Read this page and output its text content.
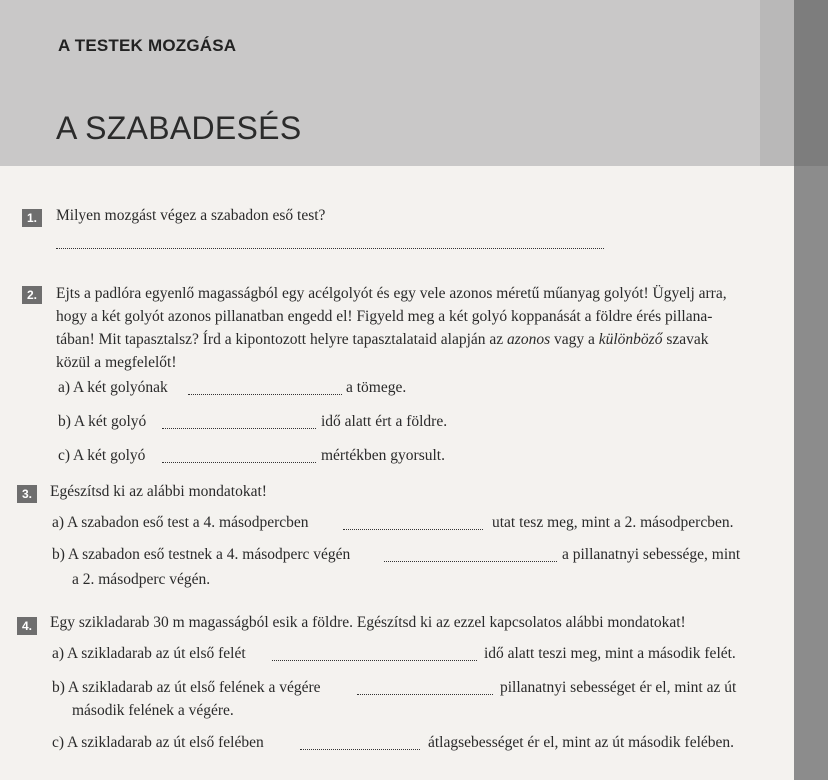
A TESTEK MOZGÁSA
A SZABADESÉS
1.	Milyen mozgást végez a szabadon eső test?
2.	Ejts a padlóra egyenlő magasságból egy acélgolyót és egy vele azonos méretű műanyag golyót! Ügyelj arra,
hogy a két golyót azonos pillanatban engedd el! Figyeld meg a két golyó koppanását a földre érés pillana-
tában! Mit tapasztalsz? Írd a kipontozott helyre tapasztalataid alapján az azonos vagy a különböző szavak
közül a megfelelőt!
a) A két golyónak	a tömege.
b) A két golyó	idő alatt ért a földre.
c) A két golyó	mértékben gyorsult.
3.	Egészítsd ki az alábbi mondatokat!
a) A szabadon eső test a 4. másodpercben	utat tesz meg, mint a 2. másodpercben.
b) A szabadon eső testnek a 4. másodperc végén	a pillanatnyi sebessége, mint
a 2. másodperc végén.
4.	Egy szikladarab 30 m magasságból esik a földre. Egészítsd ki az ezzel kapcsolatos alábbi mondatokat!
a) A szikladarab az út első felét	idő alatt teszi meg, mint a második felét.
b) A szikladarab az út első felének a végére	pillanatnyi sebességet ér el, mint az út
második felének a végére.
c) A szikladarab az út első felében	átlagsebességet ér el, mint az út második felében.
